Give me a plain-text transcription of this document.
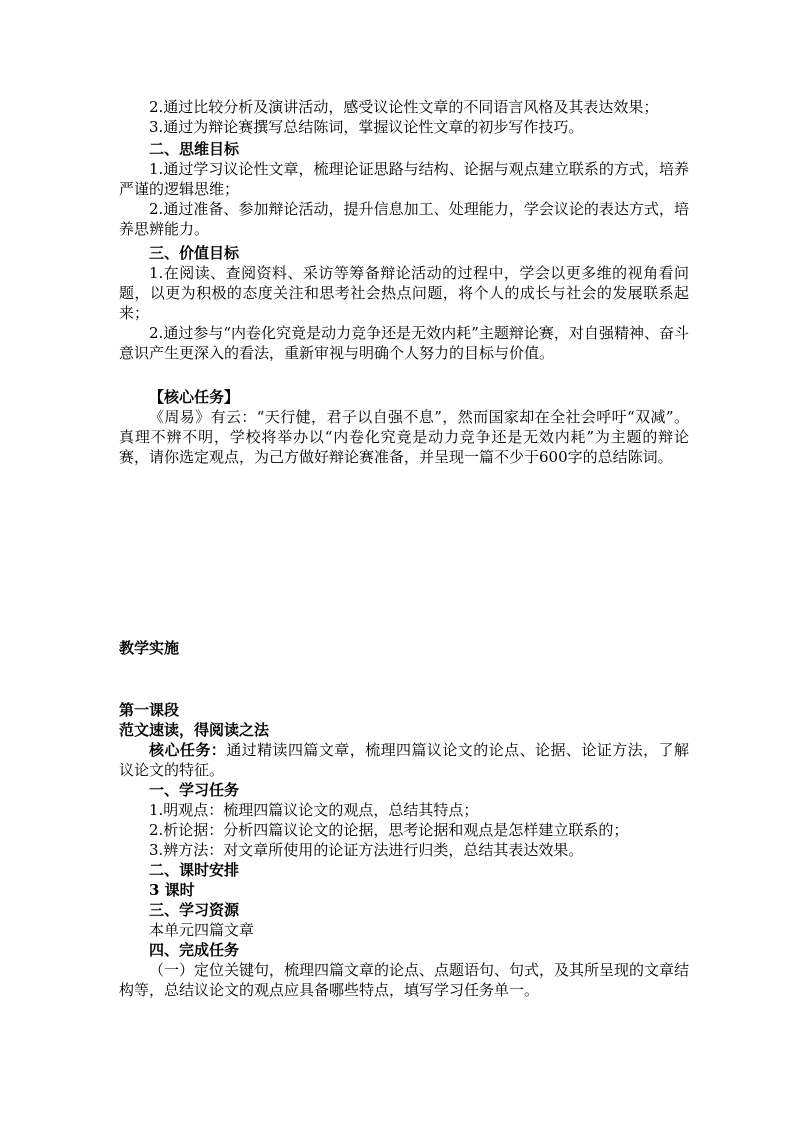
2.通过比较分析及演讲活动，感受议论性文章的不同语言风格及其表达效果；

3.通过为辩论赛撰写总结陈词，掌握议论性文章的初步写作技巧。

二、思维目标

1.通过学习议论性文章，梳理论证思路与结构、论据与观点建立联系的方式，培养严谨的逻辑思维；

2.通过准备、参加辩论活动，提升信息加工、处理能力，学会议论的表达方式，培养思辨能力。

三、价值目标

1.在阅读、查阅资料、采访等筹备辩论活动的过程中，学会以更多维的视角看问题，以更为积极的态度关注和思考社会热点问题，将个人的成长与社会的发展联系起来；

2.通过参与“内卷化究竟是动力竞争还是无效内耗”主题辩论赛，对自强精神、奋斗意识产生更深入的看法，重新审视与明确个人努力的目标与价值。

【核心任务】

《周易》有云：“天行健，君子以自强不息”，然而国家却在全社会呼吁“双减”。真理不辨不明，学校将举办以“内卷化究竟是动力竞争还是无效内耗”为主题的辩论赛，请你选定观点，为己方做好辩论赛准备，并呈现一篇不少于600字的总结陈词。

教学实施

第一课段

范文速读，得阅读之法

核心任务：通过精读四篇文章，梳理四篇议论文的论点、论据、论证方法，了解议论文的特征。

一、学习任务

1.明观点：梳理四篇议论文的观点，总结其特点；

2.析论据：分析四篇议论文的论据，思考论据和观点是怎样建立联系的；

3.辨方法：对文章所使用的论证方法进行归类，总结其表达效果。

二、课时安排

3 课时

三、学习资源

本单元四篇文章

四、完成任务

（一）定位关键句，梳理四篇文章的论点、点题语句、句式，及其所呈现的文章结构等，总结议论文的观点应具备哪些特点，填写学习任务单一。
